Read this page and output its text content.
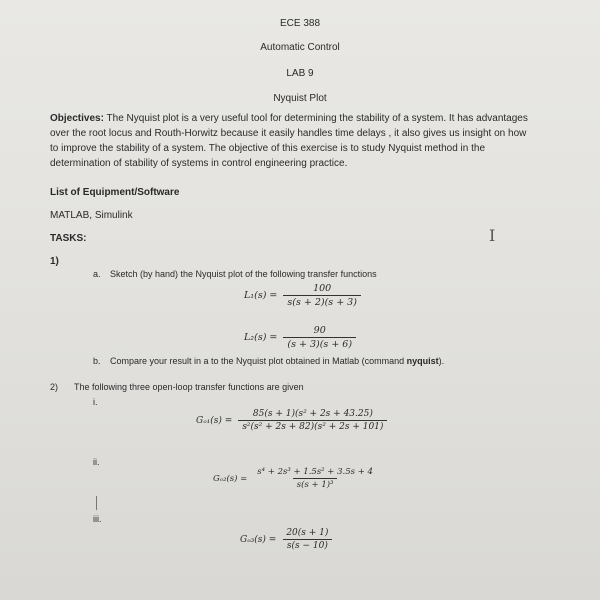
ECE 388
Automatic Control
LAB 9
Nyquist Plot
Objectives: The Nyquist plot is a very useful tool for determining the stability of a system. It has advantages over the root locus and Routh-Horwitz because it easily handles time delays , it also gives us insight on how to improve the stability of a system. The objective of this exercise is to study Nyquist method in the determination of stability of systems in control engineering practice.
List of Equipment/Software
MATLAB, Simulink
TASKS:	I
1)
a. Sketch (by hand) the Nyquist plot of the following transfer functions
$L_1(s) = \frac{100}{s(s + 2)(s + 3)}$
$L_2(s) = \frac{90}{(s + 3)(s + 6)}$
b. Compare your result in a to the Nyquist plot obtained in Matlab (command nyquist).
2) The following three open-loop transfer functions are given
i.
$G_{o1}(s) = \frac{\text{85(s + 1)(s² + 2s + 43.25)}}{\text{s²(s² + 2s + 82)(s² + 2s + 101)}}$
ii.
$G_{o2}(s) = \frac{\text{s⁴ + 2s³ + 1.5s² + 3.5s + 4}}{\text{s(s + 1)³}}$
iii.
$G_{o3}(s) = \frac{20(s + 1)}{s(s - 10)}$
